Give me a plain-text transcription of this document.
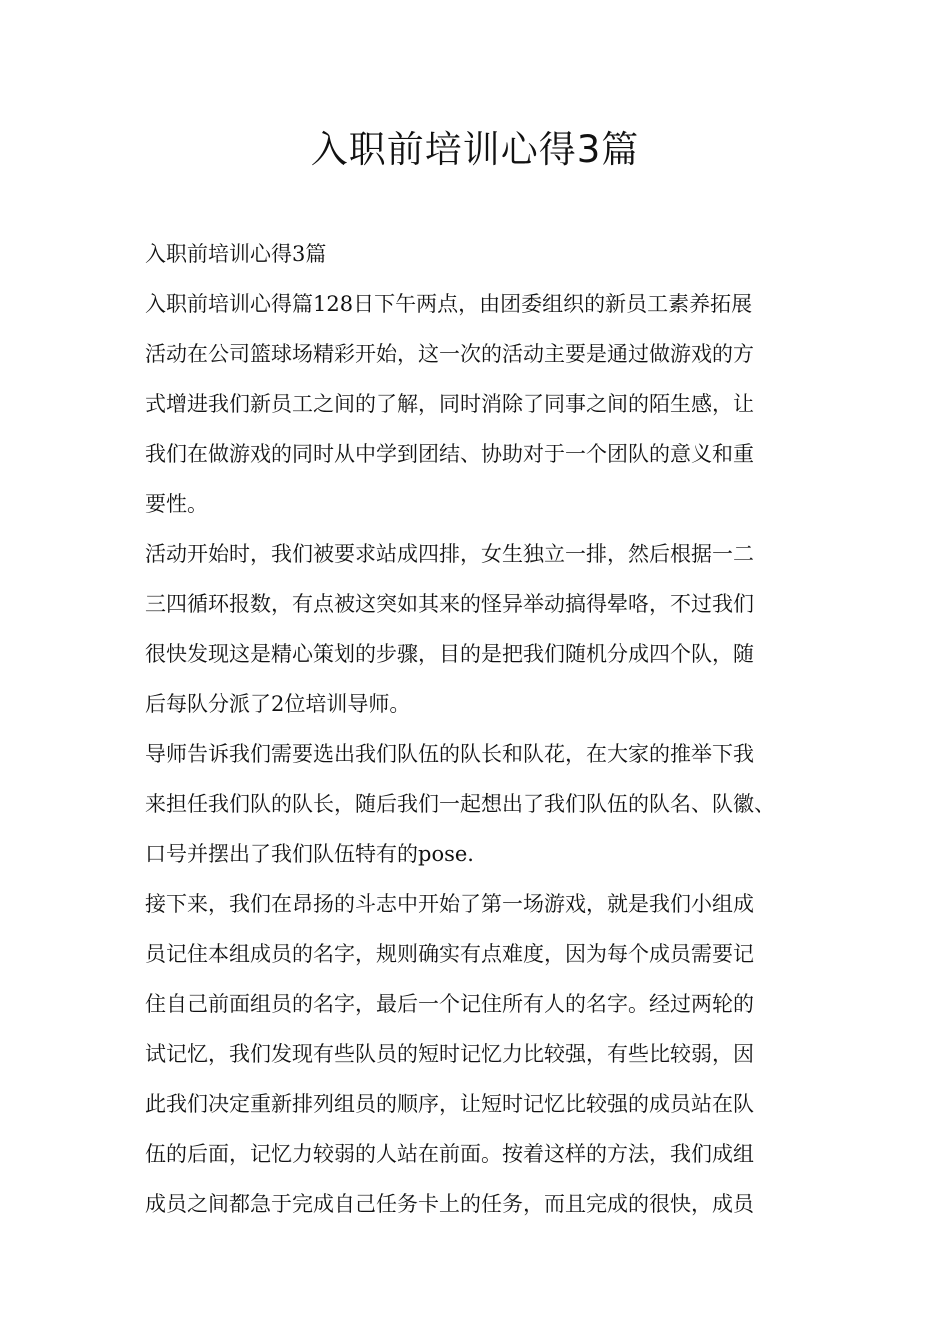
入职前培训心得3篇
入职前培训心得3篇
入职前培训心得篇128日下午两点，由团委组织的新员工素养拓展
活动在公司篮球场精彩开始，这一次的活动主要是通过做游戏的方
式增进我们新员工之间的了解，同时消除了同事之间的陌生感，让
我们在做游戏的同时从中学到团结、协助对于一个团队的意义和重
要性。
活动开始时，我们被要求站成四排，女生独立一排，然后根据一二
三四循环报数，有点被这突如其来的怪异举动搞得晕咯，不过我们
很快发现这是精心策划的步骤，目的是把我们随机分成四个队，随
后每队分派了2位培训导师。
导师告诉我们需要选出我们队伍的队长和队花，在大家的推举下我
来担任我们队的队长，随后我们一起想出了我们队伍的队名、队徽、
口号并摆出了我们队伍特有的pose.
接下来，我们在昂扬的斗志中开始了第一场游戏，就是我们小组成
员记住本组成员的名字，规则确实有点难度，因为每个成员需要记
住自己前面组员的名字，最后一个记住所有人的名字。经过两轮的
试记忆，我们发现有些队员的短时记忆力比较强，有些比较弱，因
此我们决定重新排列组员的顺序，让短时记忆比较强的成员站在队
伍的后面，记忆力较弱的人站在前面。按着这样的方法，我们成组
成员之间都急于完成自己任务卡上的任务，而且完成的很快，成员
